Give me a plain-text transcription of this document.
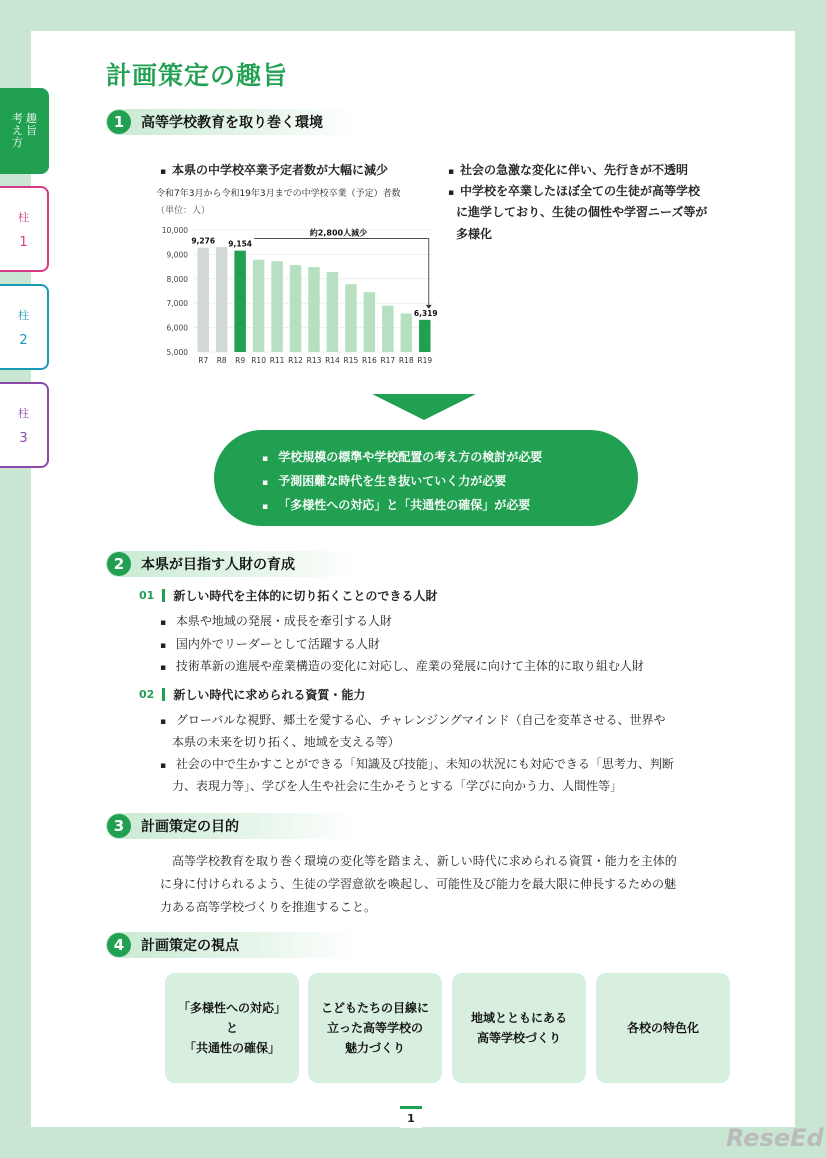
趣
旨
考
え
方
柱
1
柱
2
柱
3
計画策定の趣旨
1	高等学校教育を取り巻く環境
▪ 本県の中学校卒業予定者数が大幅に減少
令和7年3月から令和19年3月までの中学校卒業（予定）者数
（単位：人）
5,000
6,000
7,000
8,000
9,000
10,000
R7
9,276
R8 R9
9,154
R10 R11 R12 R13 R14 R15 R16 R17 R18 R19
6,319
約2,800人減少
▪ 社会の急激な変化に伴い、先行きが不透明
▪ 中学校を卒業したほぼ全ての生徒が高等学校
に進学しており、生徒の個性や学習ニーズ等が
多様化
▪ 学校規模の標準や学校配置の考え方の検討が必要
▪ 予測困難な時代を生き抜いていく力が必要
▪ 「多様性への対応」と「共通性の確保」が必要
2	本県が目指す人財の育成
01 新しい時代を主体的に切り拓くことのできる人財
▪ 本県や地域の発展・成長を牽引する人財
▪ 国内外でリーダーとして活躍する人財
▪ 技術革新の進展や産業構造の変化に対応し、産業の発展に向けて主体的に取り組む人財
02 新しい時代に求められる資質・能力
▪ グローバルな視野、郷土を愛する心、チャレンジングマインド（自己を変革させる、世界や
本県の未来を切り拓く、地域を支える等）
▪ 社会の中で生かすことができる「知識及び技能」、未知の状況にも対応できる「思考力、判断
力、表現力等」、学びを人生や社会に生かそうとする「学びに向かう力、人間性等」
3	計画策定の目的
高等学校教育を取り巻く環境の変化等を踏まえ、新しい時代に求められる資質・能力を主体的
に身に付けられるよう、生徒の学習意欲を喚起し、可能性及び能力を最大限に伸長するための魅
力ある高等学校づくりを推進すること。
4	計画策定の視点
「多様性への対応」
と
「共通性の確保」
こどもたちの目線に
立った高等学校の
魅力づくり
地域とともにある
高等学校づくり
各校の特色化
1
ReseEd
